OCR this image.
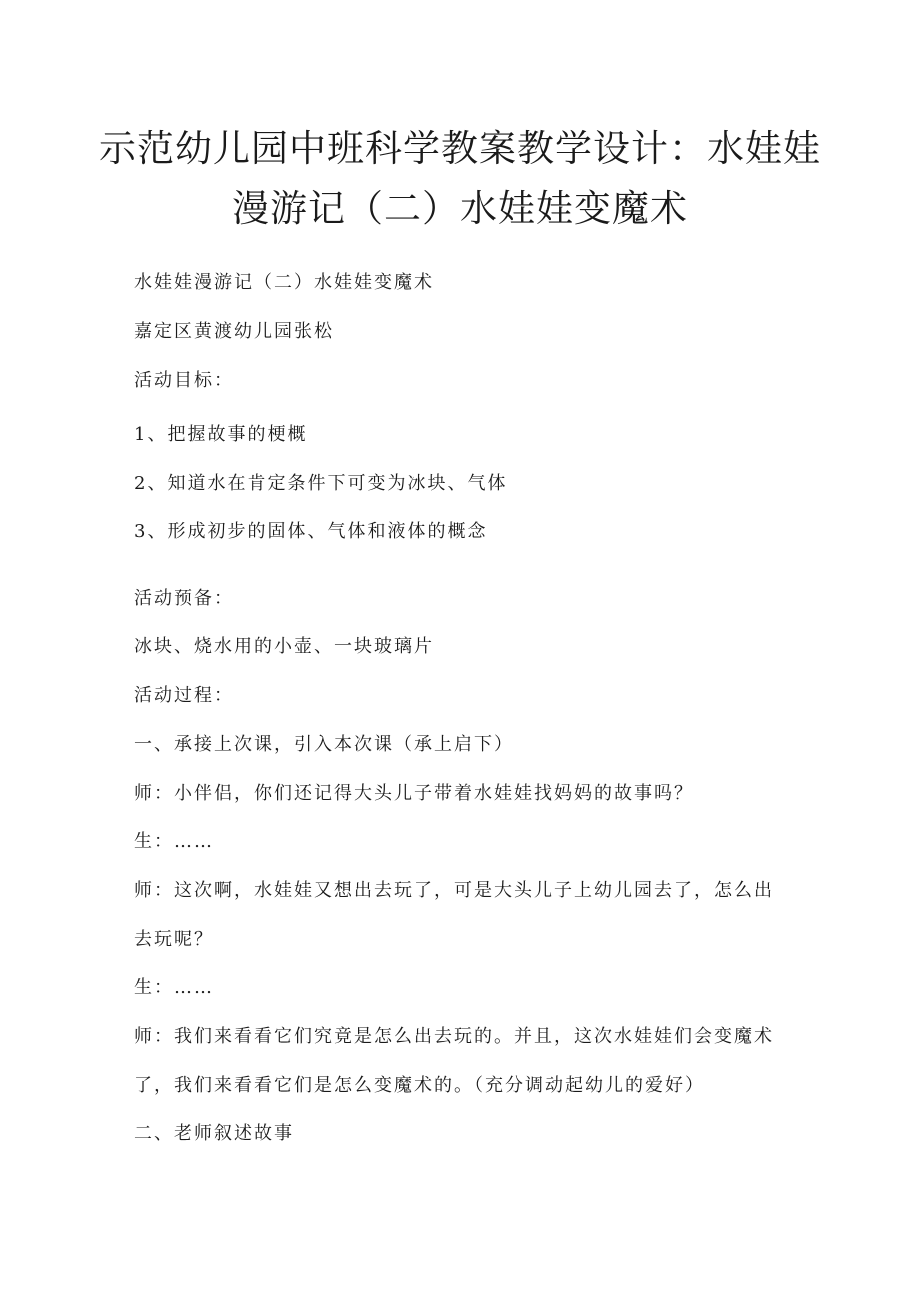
示范幼儿园中班科学教案教学设计：水娃娃
漫游记（二）水娃娃变魔术
水娃娃漫游记（二）水娃娃变魔术
嘉定区黄渡幼儿园张松
活动目标：
1、把握故事的梗概
2、知道水在肯定条件下可变为冰块、气体
3、形成初步的固体、气体和液体的概念
活动预备：
冰块、烧水用的小壶、一块玻璃片
活动过程：
一、承接上次课，引入本次课（承上启下）
师：小伴侣，你们还记得大头儿子带着水娃娃找妈妈的故事吗？
生：……
师：这次啊，水娃娃又想出去玩了，可是大头儿子上幼儿园去了，怎么出
去玩呢？
生：……
师：我们来看看它们究竟是怎么出去玩的。并且，这次水娃娃们会变魔术
了，我们来看看它们是怎么变魔术的。（充分调动起幼儿的爱好）
二、老师叙述故事
